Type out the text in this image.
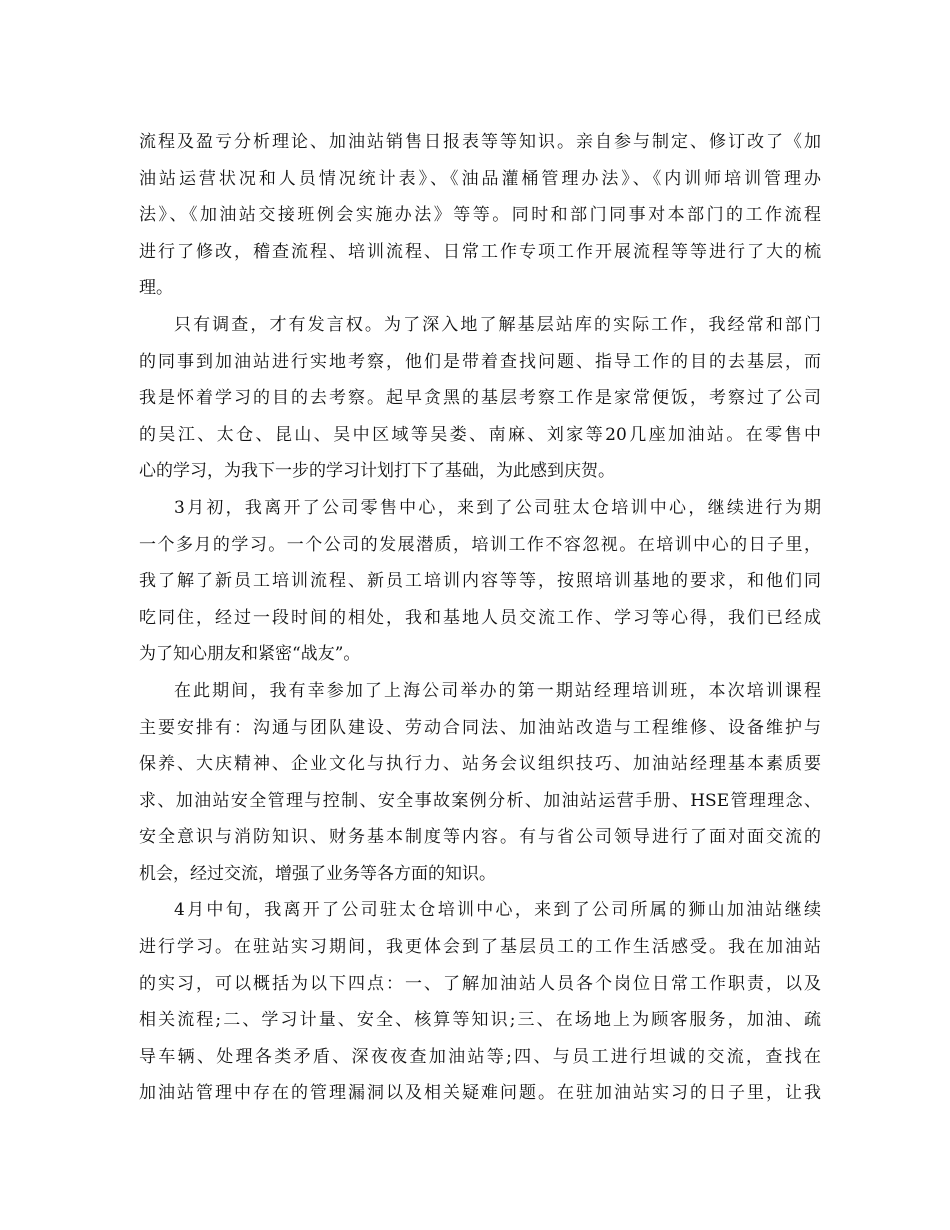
流程及盈亏分析理论、加油站销售日报表等等知识。亲自参与制定、修订改了《加
油站运营状况和人员情况统计表》、《油品灌桶管理办法》、《内训师培训管理办
法》、《加油站交接班例会实施办法》等等。同时和部门同事对本部门的工作流程
进行了修改，稽查流程、培训流程、日常工作专项工作开展流程等等进行了大的梳
理。
只有调查，才有发言权。为了深入地了解基层站库的实际工作，我经常和部门
的同事到加油站进行实地考察，他们是带着查找问题、指导工作的目的去基层，而
我是怀着学习的目的去考察。起早贪黑的基层考察工作是家常便饭，考察过了公司
的吴江、太仓、昆山、吴中区域等吴娄、南麻、刘家等20几座加油站。在零售中
心的学习，为我下一步的学习计划打下了基础，为此感到庆贺。
3月初，我离开了公司零售中心，来到了公司驻太仓培训中心，继续进行为期
一个多月的学习。一个公司的发展潜质，培训工作不容忽视。在培训中心的日子里，
我了解了新员工培训流程、新员工培训内容等等，按照培训基地的要求，和他们同
吃同住，经过一段时间的相处，我和基地人员交流工作、学习等心得，我们已经成
为了知心朋友和紧密“战友”。
在此期间，我有幸参加了上海公司举办的第一期站经理培训班，本次培训课程
主要安排有：沟通与团队建设、劳动合同法、加油站改造与工程维修、设备维护与
保养、大庆精神、企业文化与执行力、站务会议组织技巧、加油站经理基本素质要
求、加油站安全管理与控制、安全事故案例分析、加油站运营手册、HSE管理理念、
安全意识与消防知识、财务基本制度等内容。有与省公司领导进行了面对面交流的
机会，经过交流，增强了业务等各方面的知识。
4月中旬，我离开了公司驻太仓培训中心，来到了公司所属的狮山加油站继续
进行学习。在驻站实习期间，我更体会到了基层员工的工作生活感受。我在加油站
的实习，可以概括为以下四点：一、了解加油站人员各个岗位日常工作职责，以及
相关流程;二、学习计量、安全、核算等知识;三、在场地上为顾客服务，加油、疏
导车辆、处理各类矛盾、深夜夜查加油站等;四、与员工进行坦诚的交流，查找在
加油站管理中存在的管理漏洞以及相关疑难问题。在驻加油站实习的日子里，让我
